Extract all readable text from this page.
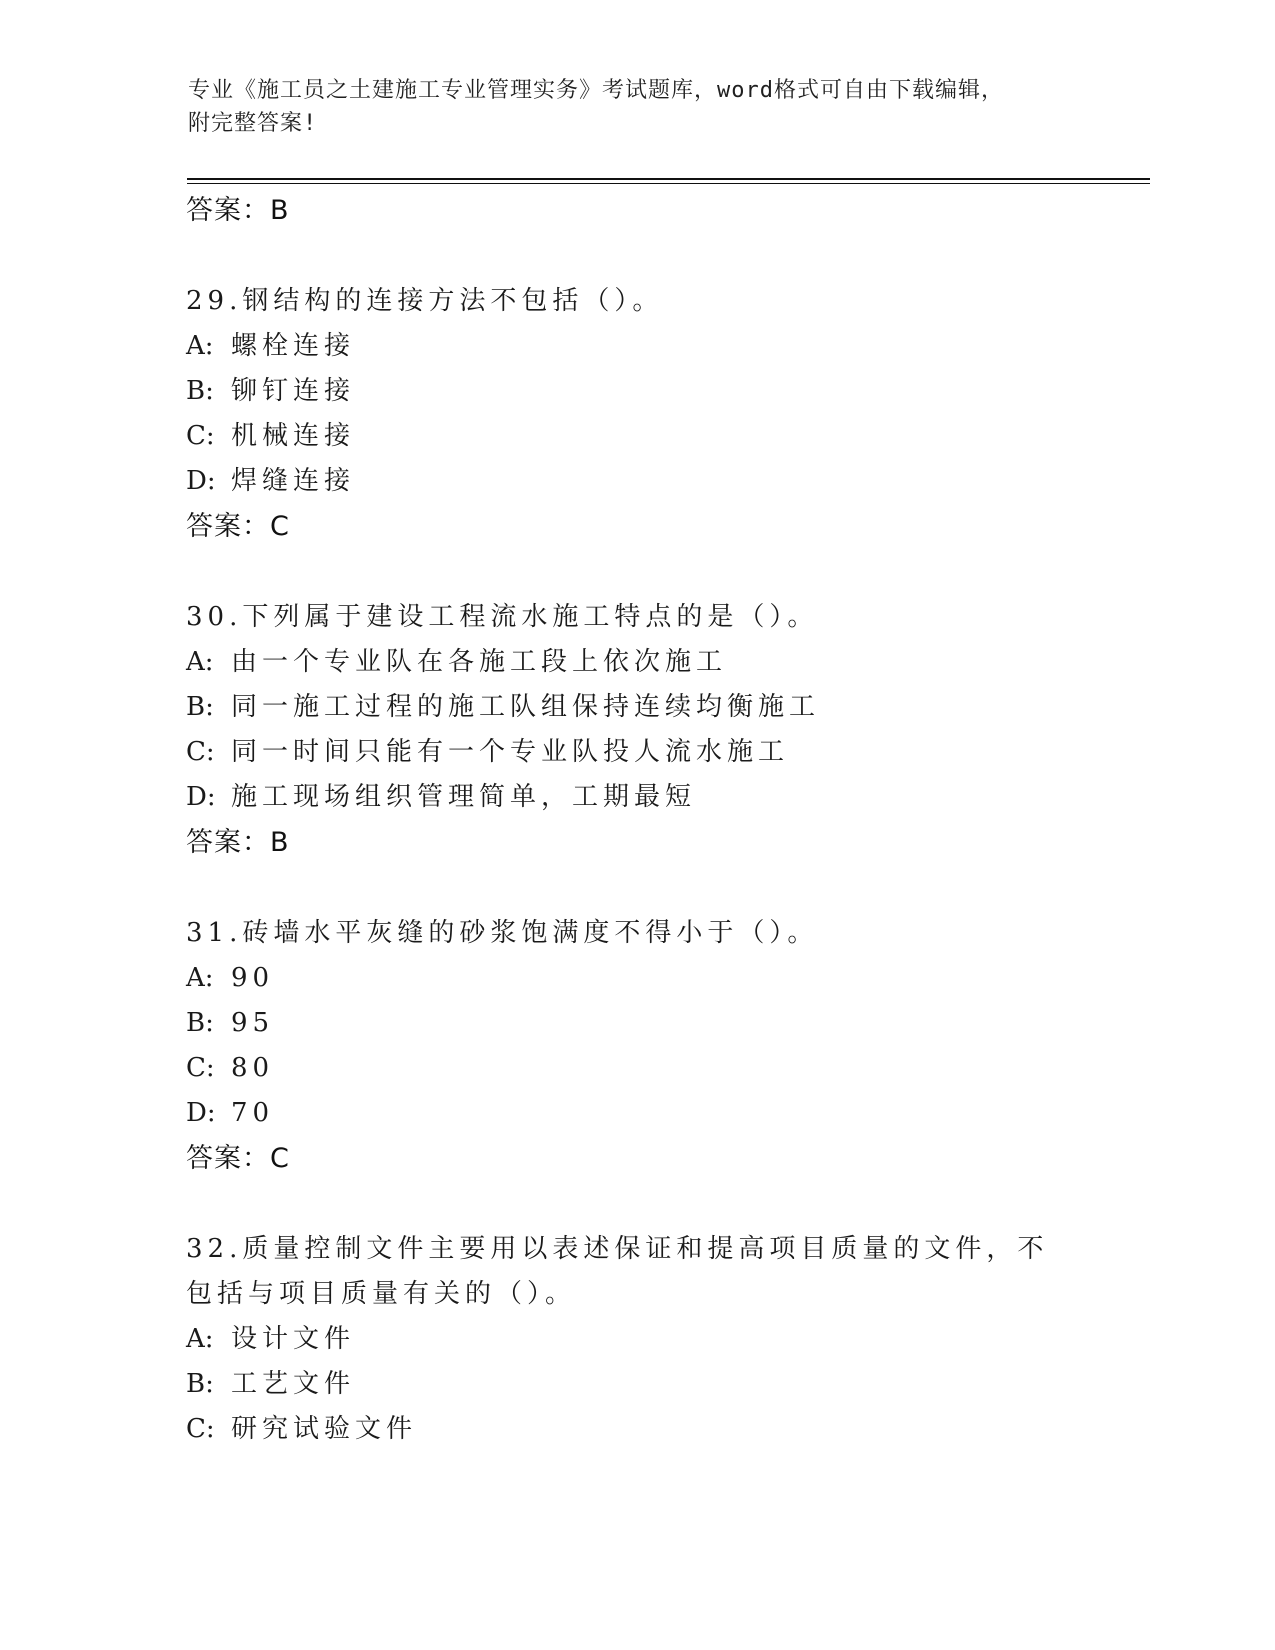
专业《施工员之土建施工专业管理实务》考试题库，word格式可自由下载编辑，
附完整答案!
答案：B
29.钢结构的连接方法不包括（）。
A: 螺栓连接
B: 铆钉连接
C: 机械连接
D: 焊缝连接
答案：C
30.下列属于建设工程流水施工特点的是（）。
A: 由一个专业队在各施工段上依次施工
B: 同一施工过程的施工队组保持连续均衡施工
C: 同一时间只能有一个专业队投人流水施工
D: 施工现场组织管理简单，工期最短
答案：B
31.砖墙水平灰缝的砂浆饱满度不得小于（）。
A: 90
B: 95
C: 80
D: 70
答案：C
32.质量控制文件主要用以表述保证和提高项目质量的文件，不包括与项目质量有关的（）。
A: 设计文件
B: 工艺文件
C: 研究试验文件
